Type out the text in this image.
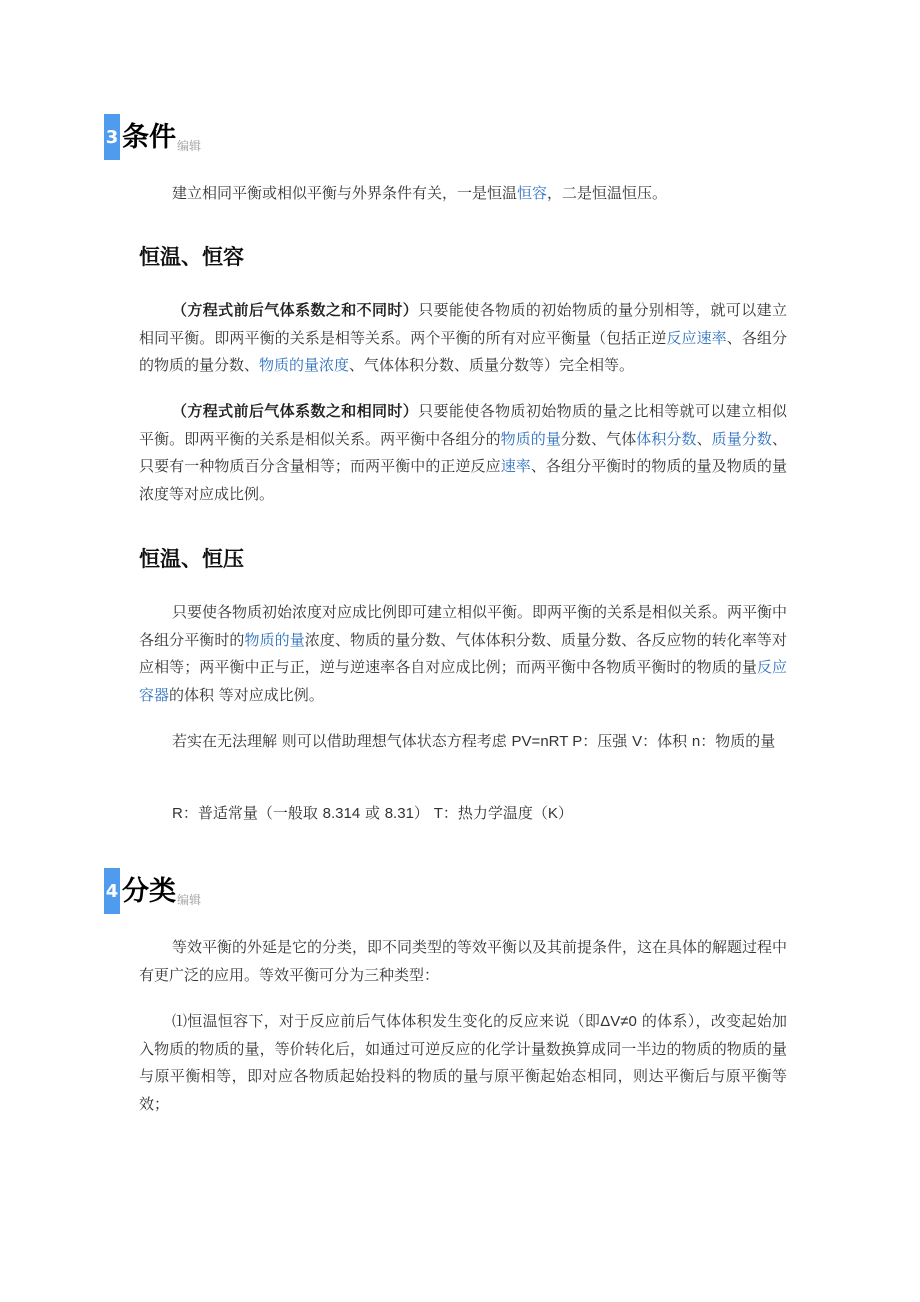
3 条件 编辑

建立相同平衡或相似平衡与外界条件有关，一是恒温恒容，二是恒温恒压。

恒温、恒容

（方程式前后气体系数之和不同时）只要能使各物质的初始物质的量分别相等，就可以建立相同平衡。即两平衡的关系是相等关系。两个平衡的所有对应平衡量（包括正逆反应速率、各组分的物质的量分数、物质的量浓度、气体体积分数、质量分数等）完全相等。

（方程式前后气体系数之和相同时）只要能使各物质初始物质的量之比相等就可以建立相似平衡。即两平衡的关系是相似关系。两平衡中各组分的物质的量分数、气体体积分数、质量分数、只要有一种物质百分含量相等；而两平衡中的正逆反应速率、各组分平衡时的物质的量及物质的量浓度等对应成比例。

恒温、恒压

只要使各物质初始浓度对应成比例即可建立相似平衡。即两平衡的关系是相似关系。两平衡中各组分平衡时的物质的量浓度、物质的量分数、气体体积分数、质量分数、各反应物的转化率等对应相等；两平衡中正与正，逆与逆速率各自对应成比例；而两平衡中各物质平衡时的物质的量反应容器的体积 等对应成比例。

若实在无法理解 则可以借助理想气体状态方程考虑 PV=nRT P：压强 V：体积 n：物质的量

R：普适常量（一般取 8.314 或 8.31） T：热力学温度（K）

4 分类 编辑

等效平衡的外延是它的分类，即不同类型的等效平衡以及其前提条件，这在具体的解题过程中有更广泛的应用。等效平衡可分为三种类型：

⑴恒温恒容下，对于反应前后气体体积发生变化的反应来说（即ΔV≠0 的体系），改变起始加入物质的物质的量，等价转化后，如通过可逆反应的化学计量数换算成同一半边的物质的物质的量与原平衡相等，即对应各物质起始投料的物质的量与原平衡起始态相同，则达平衡后与原平衡等效；
